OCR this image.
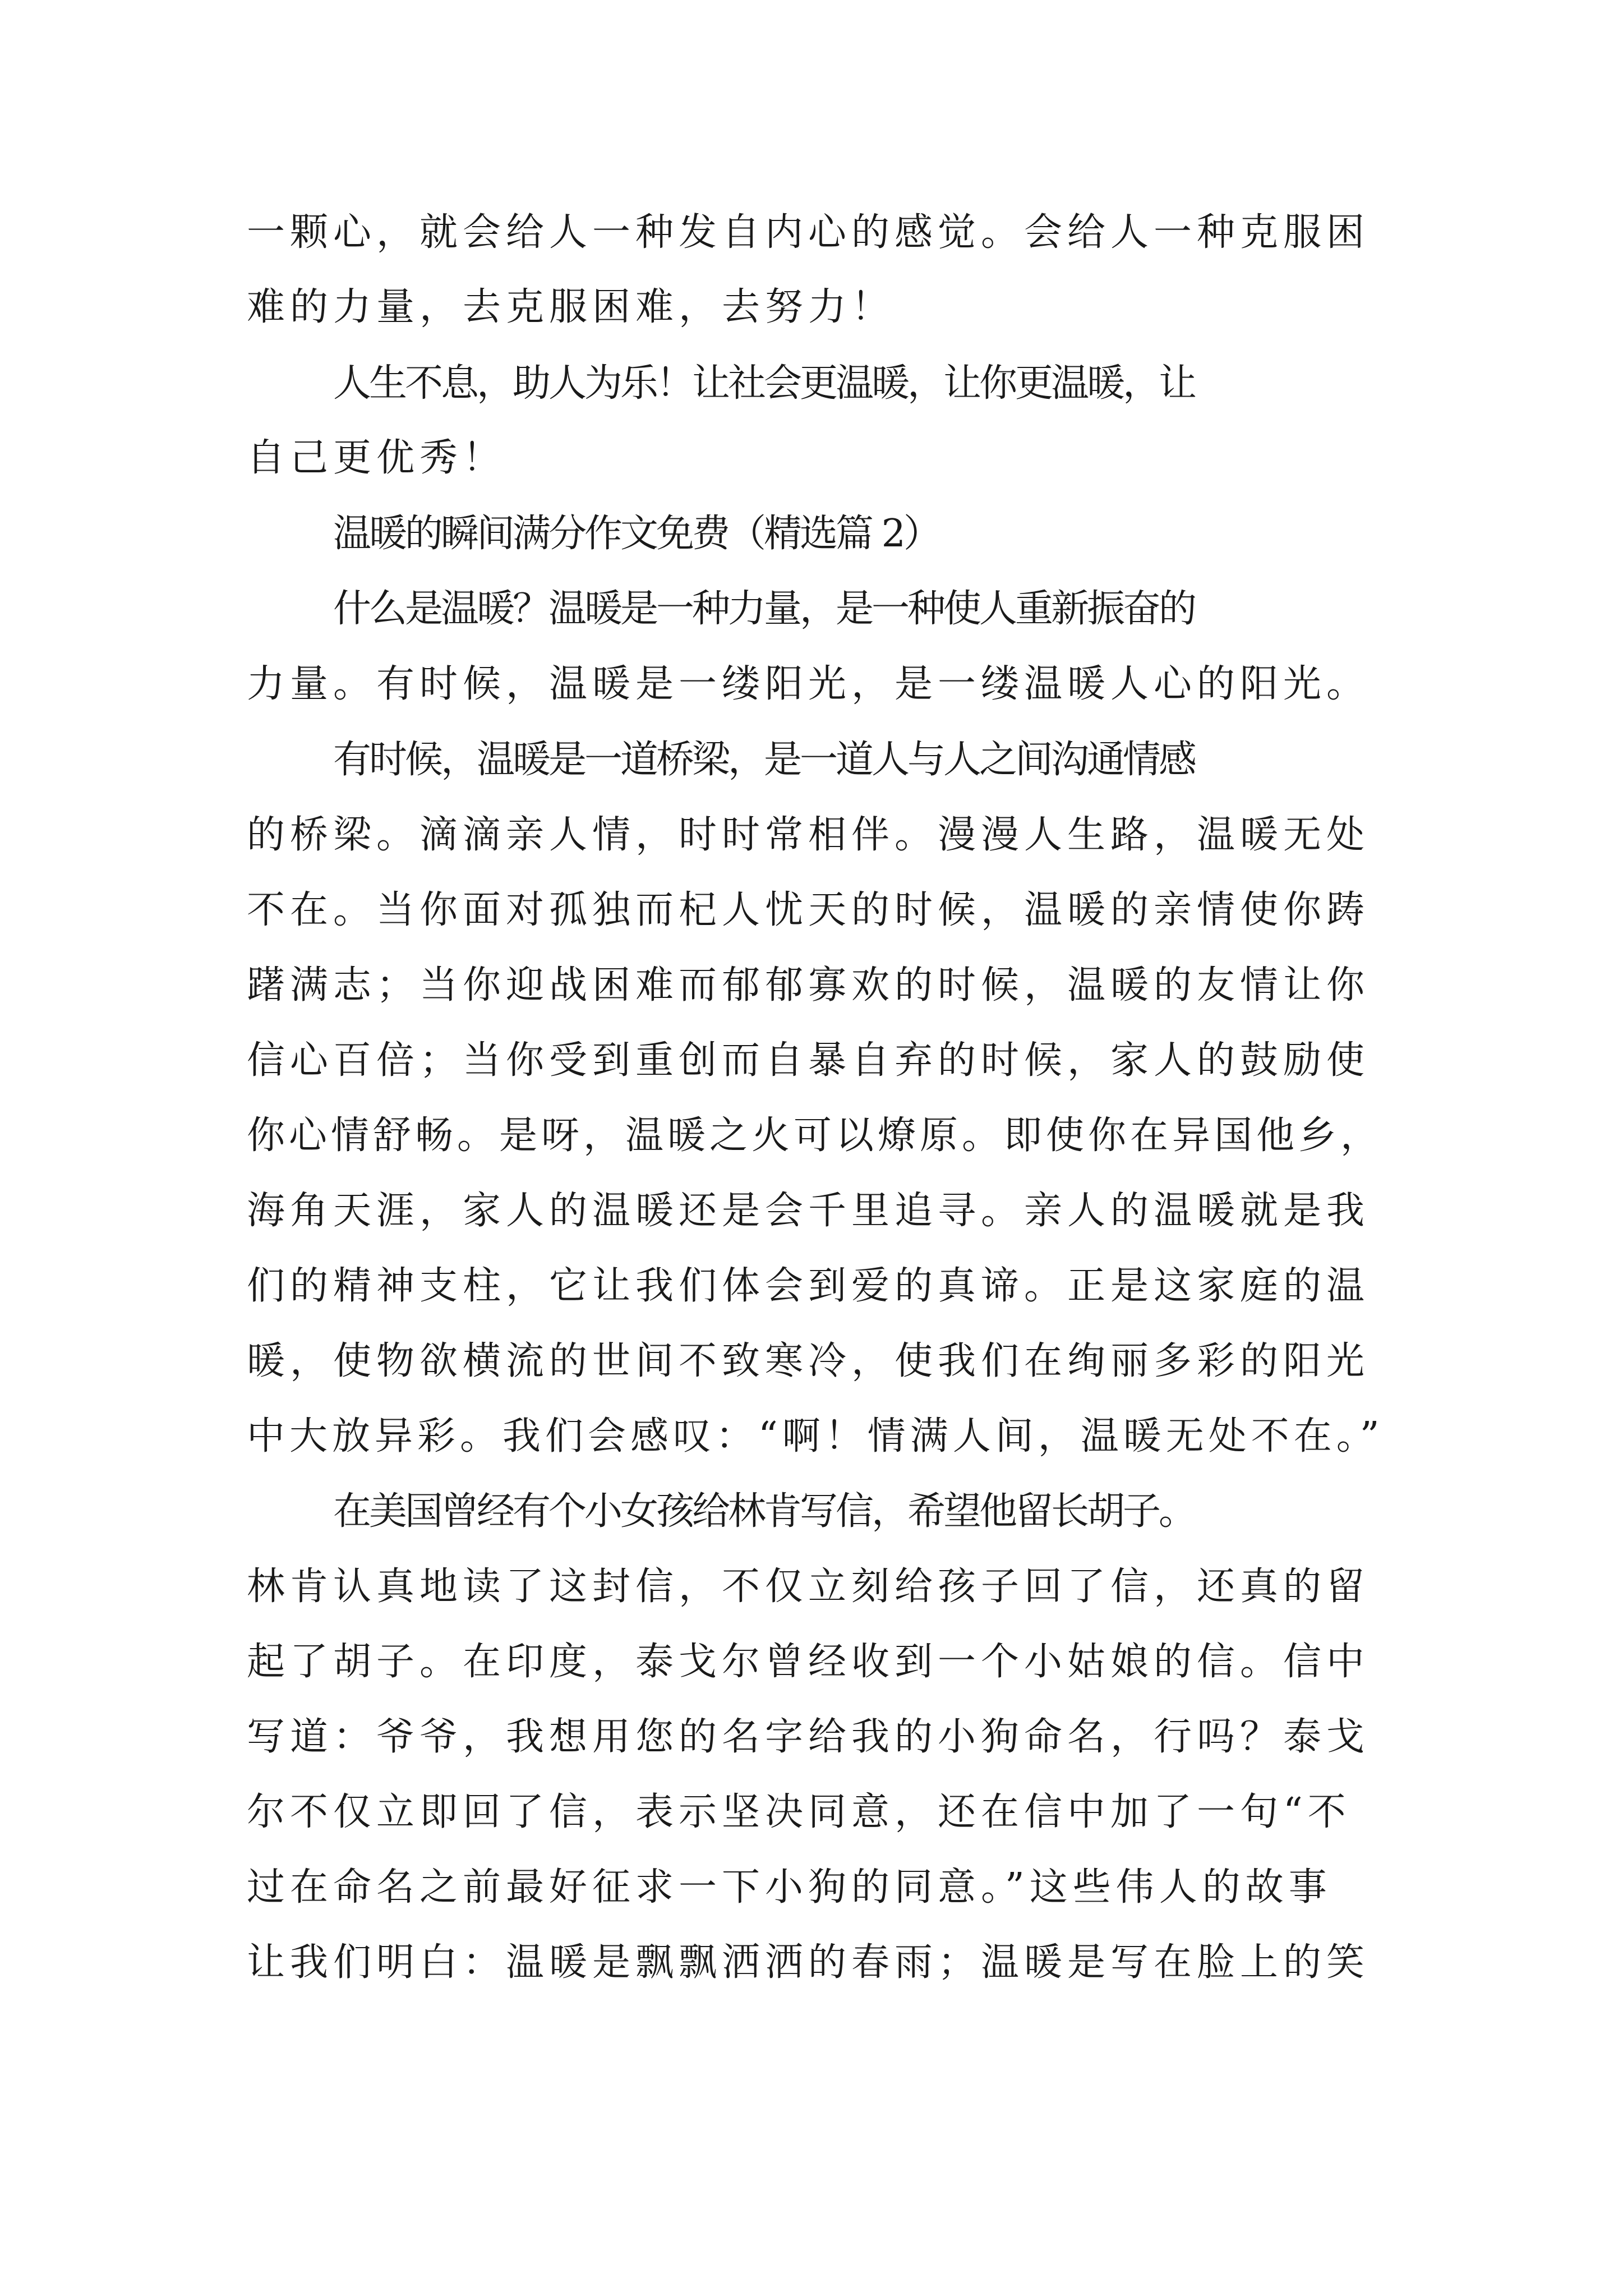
一颗心，就会给人一种发自内心的感觉。会给人一种克服困

难的力量，去克服困难，去努力！

人生不息，助人为乐！让社会更温暖，让你更温暖，让

自己更优秀！

温暖的瞬间满分作文免费（精选篇 2）

什么是温暖？温暖是一种力量，是一种使人重新振奋的

力量。有时候，温暖是一缕阳光，是一缕温暖人心的阳光。

有时候，温暖是一道桥梁，是一道人与人之间沟通情感

的桥梁。滴滴亲人情，时时常相伴。漫漫人生路，温暖无处

不在。当你面对孤独而杞人忧天的时候，温暖的亲情使你踌

躇满志；当你迎战困难而郁郁寡欢的时候，温暖的友情让你

信心百倍；当你受到重创而自暴自弃的时候，家人的鼓励使

你心情舒畅。是呀，温暖之火可以燎原。即使你在异国他乡，

海角天涯，家人的温暖还是会千里追寻。亲人的温暖就是我

们的精神支柱，它让我们体会到爱的真谛。正是这家庭的温

暖，使物欲横流的世间不致寒冷，使我们在绚丽多彩的阳光

中大放异彩。我们会感叹：“啊！情满人间，温暖无处不在。”

在美国曾经有个小女孩给林肯写信，希望他留长胡子。

林肯认真地读了这封信，不仅立刻给孩子回了信，还真的留

起了胡子。在印度，泰戈尔曾经收到一个小姑娘的信。信中

写道：爷爷，我想用您的名字给我的小狗命名，行吗？泰戈

尔不仅立即回了信，表示坚决同意，还在信中加了一句“不

过在命名之前最好征求一下小狗的同意。”这些伟人的故事

让我们明白：温暖是飘飘洒洒的春雨；温暖是写在脸上的笑
